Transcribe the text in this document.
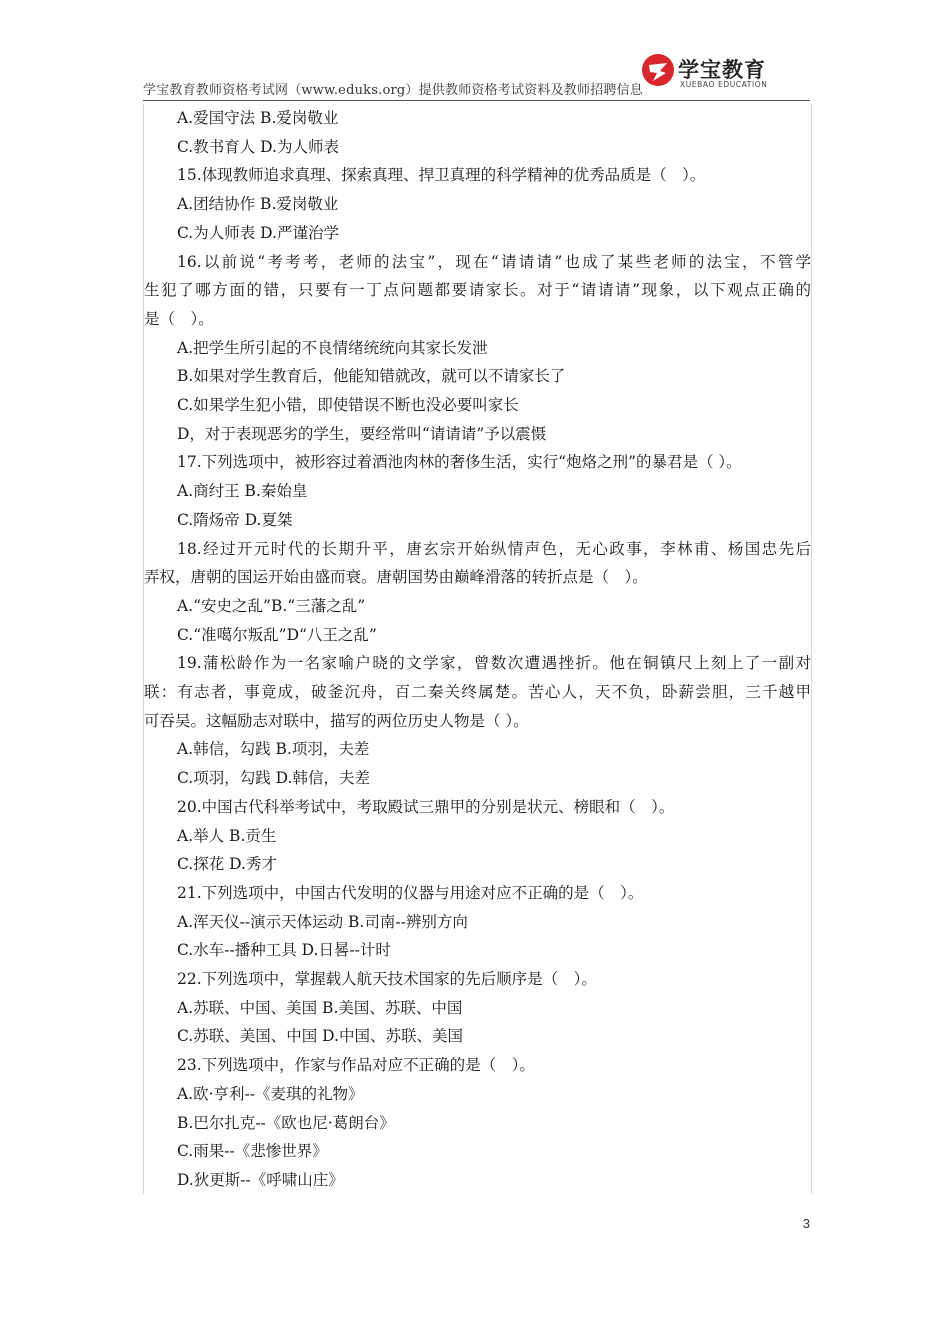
学宝教育教师资格考试网（www.eduks.org）提供教师资格考试资料及教师招聘信息
学宝教育
XUEBAO EDUCATION
A.爱国守法 B.爱岗敬业
C.教书育人 D.为人师表
15.体现教师追求真理、探索真理、捍卫真理的科学精神的优秀品质是（　）。
A.团结协作 B.爱岗敬业
C.为人师表 D.严谨治学
16.以前说“考考考，老师的法宝”，现在“请请请”也成了某些老师的法宝，不管学
生犯了哪方面的错，只要有一丁点问题都要请家长。对于“请请请”现象，以下观点正确的
是（　）。
A.把学生所引起的不良情绪统统向其家长发泄
B.如果对学生教育后，他能知错就改，就可以不请家长了
C.如果学生犯小错，即使错误不断也没必要叫家长
D，对于表现恶劣的学生，要经常叫“请请请”予以震慑
17.下列选项中，被形容过着酒池肉林的奢侈生活，实行“炮烙之刑”的暴君是（ ）。
A.商纣王 B.秦始皇
C.隋炀帝 D.夏桀
18.经过开元时代的长期升平，唐玄宗开始纵情声色，无心政事，李林甫、杨国忠先后
弄权，唐朝的国运开始由盛而衰。唐朝国势由巅峰滑落的转折点是（　）。
A.“安史之乱”B.“三藩之乱”
C.“准噶尔叛乱”D“八王之乱”
19.蒲松龄作为一名家喻户晓的文学家，曾数次遭遇挫折。他在铜镇尺上刻上了一副对
联：有志者，事竟成，破釜沉舟，百二秦关终属楚。苦心人，天不负，卧薪尝胆，三千越甲
可吞吴。这幅励志对联中，描写的两位历史人物是（ ）。
A.韩信，勾践 B.项羽，夫差
C.项羽，勾践 D.韩信，夫差
20.中国古代科举考试中，考取殿试三鼎甲的分别是状元、榜眼和（　）。
A.举人 B.贡生
C.探花 D.秀才
21.下列选项中，中国古代发明的仪器与用途对应不正确的是（　）。
A.浑天仪--演示天体运动 B.司南--辨别方向
C.水车--播种工具 D.日晷--计时
22.下列选项中，掌握载人航天技术国家的先后顺序是（　）。
A.苏联、中国、美国 B.美国、苏联、中国
C.苏联、美国、中国 D.中国、苏联、美国
23.下列选项中，作家与作品对应不正确的是（　）。
A.欧·亨利--《麦琪的礼物》
B.巴尔扎克--《欧也尼·葛朗台》
C.雨果--《悲惨世界》
D.狄更斯--《呼啸山庄》
3
